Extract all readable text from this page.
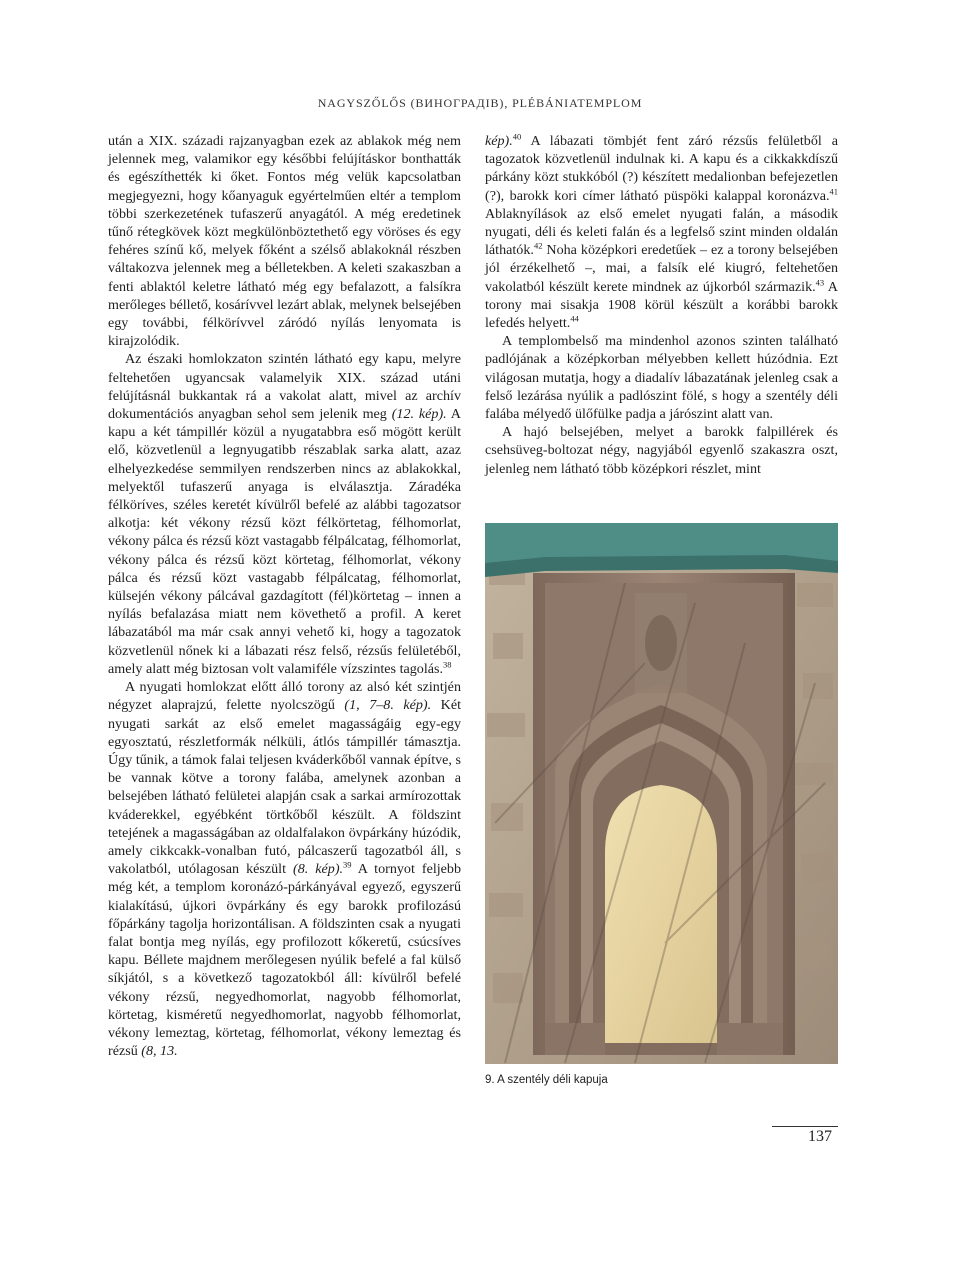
NAGYSZŐLŐS (ВИНОГРАДІВ), PLÉBÁNIATEMPLOM

után a XIX. századi rajzanyagban ezek az ablakok még nem jelennek meg, valamikor egy későbbi felújításkor bonthatták és egészíthették ki őket. Fontos még velük kapcsolatban megjegyezni, hogy kőanyaguk egyértelműen eltér a templom többi szerkezetének tufaszerű anyagától. A még eredetinek tűnő rétegkövek közt megkülönböztethető egy vöröses és egy fehéres színű kő, melyek főként a szélső ablakoknál részben váltakozva jelennek meg a bélletekben. A keleti szakaszban a fenti ablaktól keletre látható még egy befalazott, a falsíkra merőleges béllető, kosárívvel lezárt ablak, melynek belsejében egy további, félkörívvel záródó nyílás lenyomata is kirajzolódik.

Az északi homlokzaton szintén látható egy kapu, melyre feltehetően ugyancsak valamelyik XIX. század utáni felújításnál bukkantak rá a vakolat alatt, mivel az archív dokumentációs anyagban sehol sem jelenik meg (12. kép). A kapu a két támpillér közül a nyugatabbra eső mögött került elő, közvetlenül a legnyugatibb részablak sarka alatt, azaz elhelyezkedése semmilyen rendszerben nincs az ablakokkal, melyektől tufaszerű anyaga is elválasztja. Záradéka félköríves, széles keretét kívülről befelé az alábbi tagozatsor alkotja: két vékony rézsű közt félkörtetag, félhomorlat, vékony pálca és rézsű közt vastagabb félpálcatag, félhomorlat, vékony pálca és rézsű közt körtetag, félhomorlat, vékony pálca és rézsű közt vastagabb félpálcatag, félhomorlat, külsején vékony pálcával gazdagított (fél)körtetag – innen a nyílás befalazása miatt nem követhető a profil. A keret lábazatából ma már csak annyi vehető ki, hogy a tagozatok közvetlenül nőnek ki a lábazati rész felső, rézsűs felületéből, amely alatt még biztosan volt valamiféle vízszintes tagolás.$^{38}$

A nyugati homlokzat előtt álló torony az alsó két szintjén négyzet alaprajzú, felette nyolcszögű (1, 7–8. kép). Két nyugati sarkát az első emelet magasságáig egy-egy egyosztatú, részletformák nélküli, átlós támpillér támasztja. Úgy tűnik, a támok falai teljesen kváderkőből vannak építve, s be vannak kötve a torony falába, amelynek azonban a belsejében látható felületei alapján csak a sarkai armírozottak kváderekkel, egyébként törtkőből készült. A földszint tetejének a magasságában az oldalfalakon övpárkány húzódik, amely cikkcakk-vonalban futó, pálcaszerű tagozatból áll, s vakolatból, utólagosan készült (8. kép).$^{39}$ A tornyot feljebb még két, a templom koronázó-párkányával egyező, egyszerű kialakítású, újkori övpárkány és egy barokk profilozású főpárkány tagolja horizontálisan. A földszinten csak a nyugati falat bontja meg nyílás, egy profilozott kőkeretű, csúcsíves kapu. Béllete majdnem merőlegesen nyúlik befelé a fal külső síkjától, s a következő tagozatokból áll: kívülről befelé vékony rézsű, negyedhomorlat, nagyobb félhomorlat, körtetag, kisméretű negyedhomorlat, nagyobb félhomorlat, vékony lemeztag, körtetag, félhomorlat, vékony lemeztag és rézsű (8, 13.

kép).$^{40}$ A lábazati tömbjét fent záró rézsűs felületből a tagozatok közvetlenül indulnak ki. A kapu és a cikkakkdíszű párkány közt stukkóból (?) készített medalionban befejezetlen (?), barokk kori címer látható püspöki kalappal koronázva.$^{41}$ Ablaknyílások az első emelet nyugati falán, a második nyugati, déli és keleti falán és a legfelső szint minden oldalán láthatók.$^{42}$ Noha középkori eredetűek – ez a torony belsejében jól érzékelhető –, mai, a falsík elé kiugró, feltehetően vakolatból készült kerete mindnek az újkorból származik.$^{43}$ A torony mai sisakja 1908 körül készült a korábbi barokk lefedés helyett.$^{44}$

A templombelső ma mindenhol azonos szinten található padlójának a középkorban mélyebben kellett húzódnia. Ezt világosan mutatja, hogy a diadalív lábazatának jelenleg csak a felső lezárása nyúlik a padlószint fölé, s hogy a szentély déli falába mélyedő ülőfülke padja a járószint alatt van.

A hajó belsejében, melyet a barokk falpillérek és csehsüveg-boltozat négy, nagyjából egyenlő szakaszra oszt, jelenleg nem látható több középkori részlet, mint

9. A szentély déli kapuja
137
